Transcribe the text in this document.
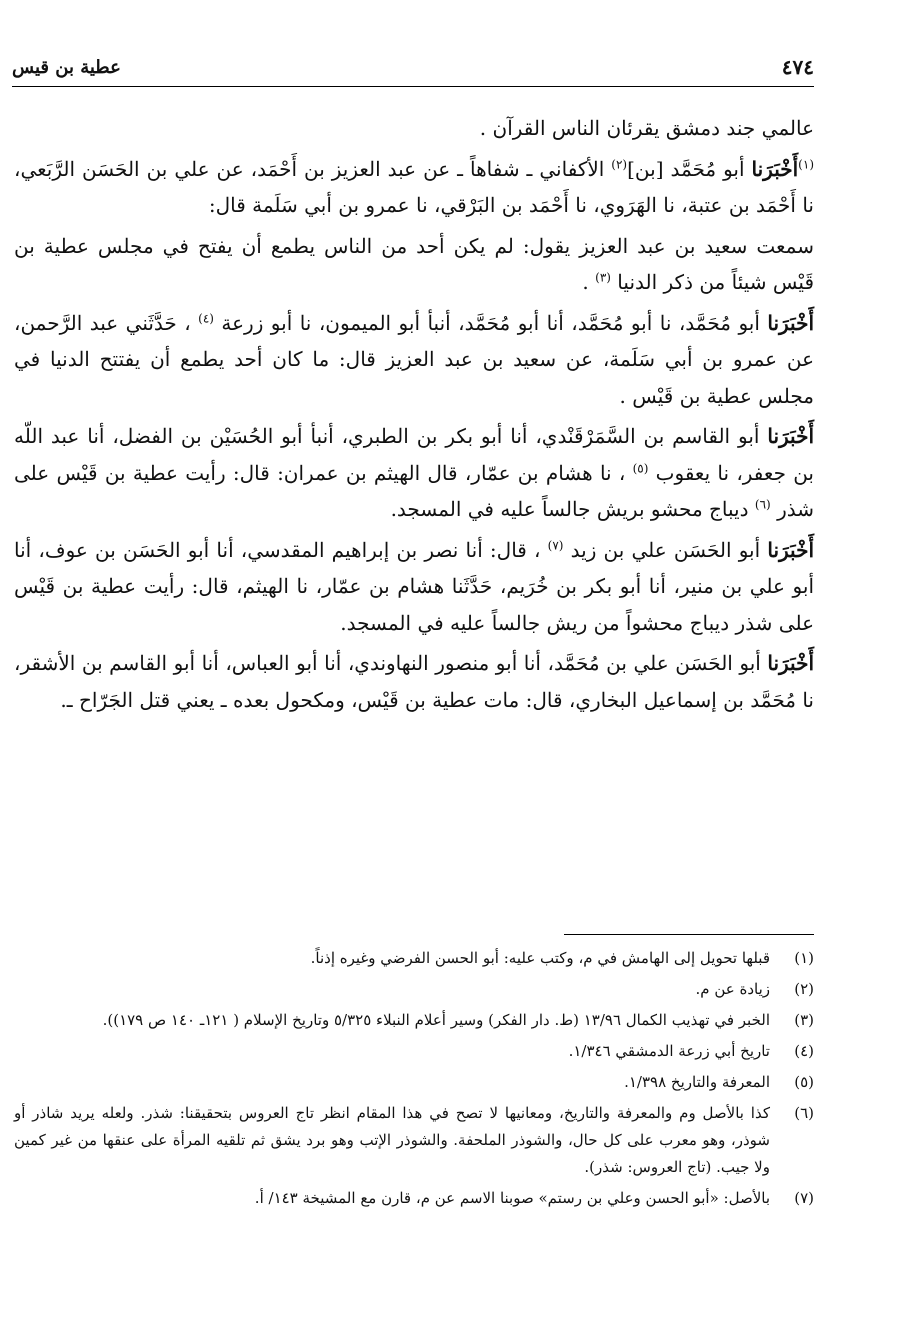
٤٧٤
عطية بن قيس

عالمي جند دمشق يقرئان الناس القرآن .

$^{(١)}$أَخْبَرَنا أبو مُحَمَّد [بن]$^{(٢)}$ الأكفاني ـ شفاهاً ـ عن عبد العزيز بن أَحْمَد، عن علي بن الحَسَن الرَّبَعي، نا أَحْمَد بن عتبة، نا الهَرَوي، نا أَحْمَد بن البَرْقي، نا عمرو بن أبي سَلَمة قال:

سمعت سعيد بن عبد العزيز يقول: لم يكن أحد من الناس يطمع أن يفتح في مجلس عطية بن قَيْس شيئاً من ذكر الدنيا $^{(٣)}$ .

أَخْبَرَنا أبو مُحَمَّد، نا أبو مُحَمَّد، أنا أبو مُحَمَّد، أنبأ أبو الميمون، نا أبو زرعة $^{(٤)}$ ، حَدَّثَني عبد الرَّحمن، عن عمرو بن أبي سَلَمة، عن سعيد بن عبد العزيز قال: ما كان أحد يطمع أن يفتتح الدنيا في مجلس عطية بن قَيْس .

أَخْبَرَنا أبو القاسم بن السَّمَرْقَنْدي، أنا أبو بكر بن الطبري، أنبأ أبو الحُسَيْن بن الفضل، أنا عبد اللّه بن جعفر، نا يعقوب $^{(٥)}$ ، نا هشام بن عمّار، قال الهيثم بن عمران: قال: رأيت عطية بن قَيْس على شذر $^{(٦)}$ ديباج محشو بريش جالساً عليه في المسجد.

أَخْبَرَنا أبو الحَسَن علي بن زيد $^{(٧)}$ ، قال: أنا نصر بن إبراهيم المقدسي، أنا أبو الحَسَن بن عوف، أنا أبو علي بن منير، أنا أبو بكر بن خُرَيم، حَدَّثَنا هشام بن عمّار، نا الهيثم، قال: رأيت عطية بن قَيْس على شذر ديباج محشواً من ريش جالساً عليه في المسجد.

أَخْبَرَنا أبو الحَسَن علي بن مُحَمَّد، أنا أبو منصور النهاوندي، أنا أبو العباس، أنا أبو القاسم بن الأشقر، نا مُحَمَّد بن إسماعيل البخاري، قال: مات عطية بن قَيْس، ومكحول بعده ـ يعني قتل الجَرّاح ـ.

(١)
قبلها تحويل إلى الهامش في م، وكتب عليه: أبو الحسن الفرضي وغيره إذناً.
(٢)
زيادة عن م.
(٣)
الخبر في تهذيب الكمال ١٣/٩٦ (ط. دار الفكر) وسير أعلام النبلاء ٥/٣٢٥ وتاريخ الإسلام ( ١٢١ـ ١٤٠ ص ١٧٩)).
(٤)
تاريخ أبي زرعة الدمشقي ١/٣٤٦.
(٥)
المعرفة والتاريخ ١/٣٩٨.
(٦)
كذا بالأصل وم والمعرفة والتاريخ، ومعانيها لا تصح في هذا المقام انظر تاج العروس بتحقيقنا: شذر. ولعله يريد شاذر أو شوذر، وهو معرب على كل حال، والشوذر الملحفة. والشوذر الإتب وهو برد يشق ثم تلقيه المرأة على عنقها من غير كمين ولا جيب. (تاج العروس: شذر).
(٧)
بالأصل: «أبو الحسن وعلي بن رستم» صوبنا الاسم عن م، قارن مع المشيخة ١٤٣/ أ.
